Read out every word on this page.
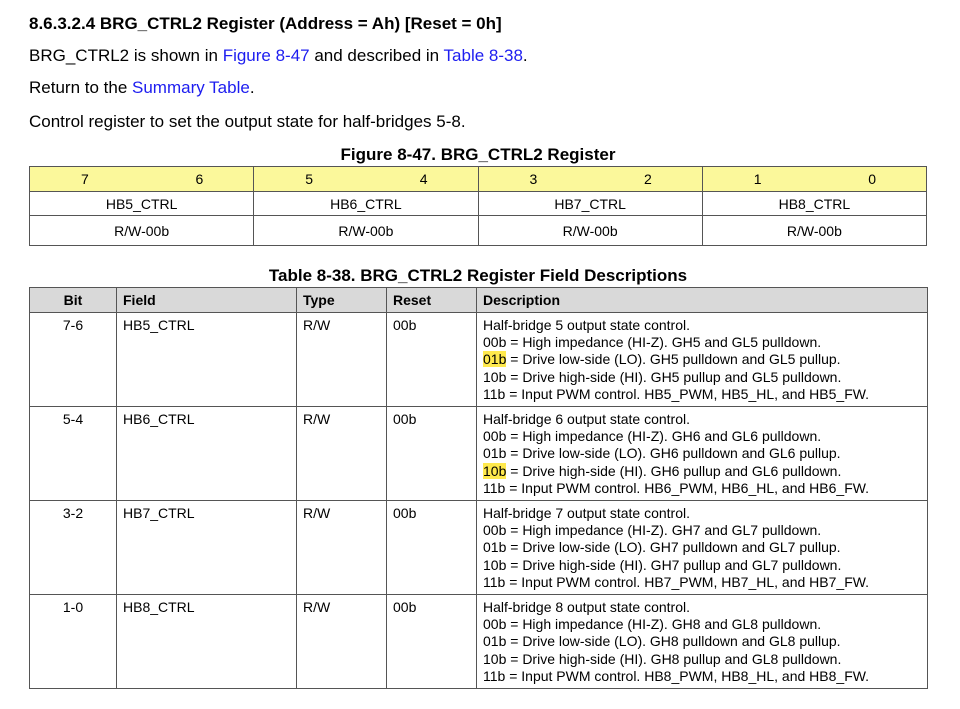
8.6.3.2.4 BRG_CTRL2 Register (Address = Ah) [Reset = 0h]
BRG_CTRL2 is shown in Figure 8-47 and described in Table 8-38.
Return to the Summary Table.
Control register to set the output state for half-bridges 5-8.
Figure 8-47. BRG_CTRL2 Register
7 6	5 4	3 2	1 0

HB5_CTRL	HB6_CTRL	HB7_CTRL	HB8_CTRL
R/W-00b	R/W-00b	R/W-00b	R/W-00b
Table 8-38. BRG_CTRL2 Register Field Descriptions
Bit	Field	Type	Reset	Description
7-6	HB5_CTRL	R/W	00b	Half-bridge 5 output state control.
00b = High impedance (HI-Z). GH5 and GL5 pulldown.
01b = Drive low-side (LO). GH5 pulldown and GL5 pullup.
10b = Drive high-side (HI). GH5 pullup and GL5 pulldown.
11b = Input PWM control. HB5_PWM, HB5_HL, and HB5_FW.

5-4	HB6_CTRL	R/W	00b	Half-bridge 6 output state control.
00b = High impedance (HI-Z). GH6 and GL6 pulldown.
01b = Drive low-side (LO). GH6 pulldown and GL6 pullup.
10b = Drive high-side (HI). GH6 pullup and GL6 pulldown.
11b = Input PWM control. HB6_PWM, HB6_HL, and HB6_FW.

3-2	HB7_CTRL	R/W	00b	Half-bridge 7 output state control.
00b = High impedance (HI-Z). GH7 and GL7 pulldown.
01b = Drive low-side (LO). GH7 pulldown and GL7 pullup.
10b = Drive high-side (HI). GH7 pullup and GL7 pulldown.
11b = Input PWM control. HB7_PWM, HB7_HL, and HB7_FW.

1-0	HB8_CTRL	R/W	00b	Half-bridge 8 output state control.
00b = High impedance (HI-Z). GH8 and GL8 pulldown.
01b = Drive low-side (LO). GH8 pulldown and GL8 pullup.
10b = Drive high-side (HI). GH8 pullup and GL8 pulldown.
11b = Input PWM control. HB8_PWM, HB8_HL, and HB8_FW.
